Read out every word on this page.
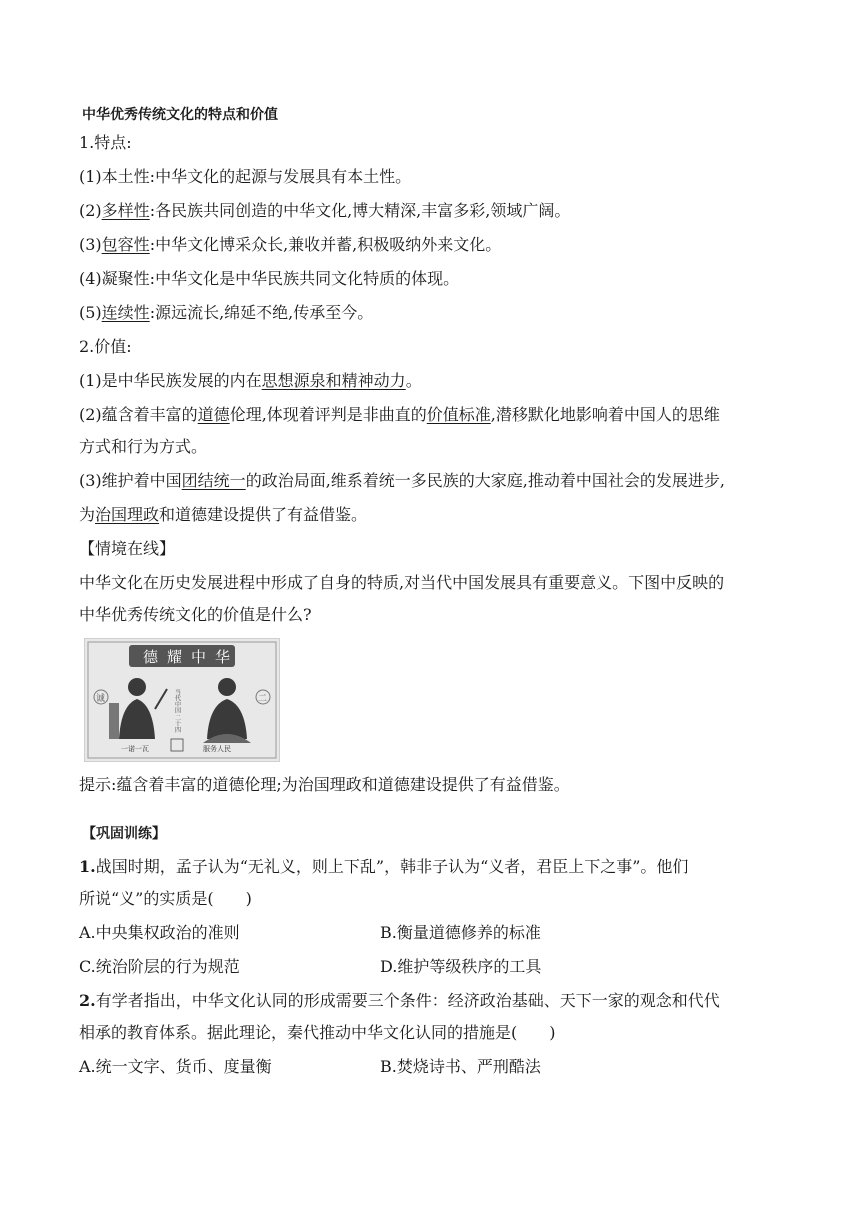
中华优秀传统文化的特点和价值
1.特点:
(1)本土性:中华文化的起源与发展具有本土性。
(2)多样性:各民族共同创造的中华文化,博大精深,丰富多彩,领域广阔。
(3)包容性:中华文化博采众长,兼收并蓄,积极吸纳外来文化。
(4)凝聚性:中华文化是中华民族共同文化特质的体现。
(5)连续性:源远流长,绵延不绝,传承至今。
2.价值:
(1)是中华民族发展的内在思想源泉和精神动力。
(2)蕴含着丰富的道德伦理,体现着评判是非曲直的价值标准,潜移默化地影响着中国人的思维
方式和行为方式。
(3)维护着中国团结统一的政治局面,维系着统一多民族的大家庭,推动着中国社会的发展进步,
为治国理政和道德建设提供了有益借鉴。
【情境在线】
中华文化在历史发展进程中形成了自身的特质,对当代中国发展具有重要意义。下图中反映的
中华优秀传统文化的价值是什么?
德 耀 中 华
诚	二
当代中国 二十四
一诺一瓦	服务人民
提示:蕴含着丰富的道德伦理;为治国理政和道德建设提供了有益借鉴。
【巩固训练】
1.战国时期，孟子认为“无礼义，则上下乱”，韩非子认为“义者，君臣上下之事”。他们
所说“义”的实质是(　　)
A.中央集权政治的准则	B.衡量道德修养的标准
C.统治阶层的行为规范	D.维护等级秩序的工具
2.有学者指出，中华文化认同的形成需要三个条件：经济政治基础、天下一家的观念和代代
相承的教育体系。据此理论，秦代推动中华文化认同的措施是(　　)
A.统一文字、货币、度量衡	B.焚烧诗书、严刑酷法
